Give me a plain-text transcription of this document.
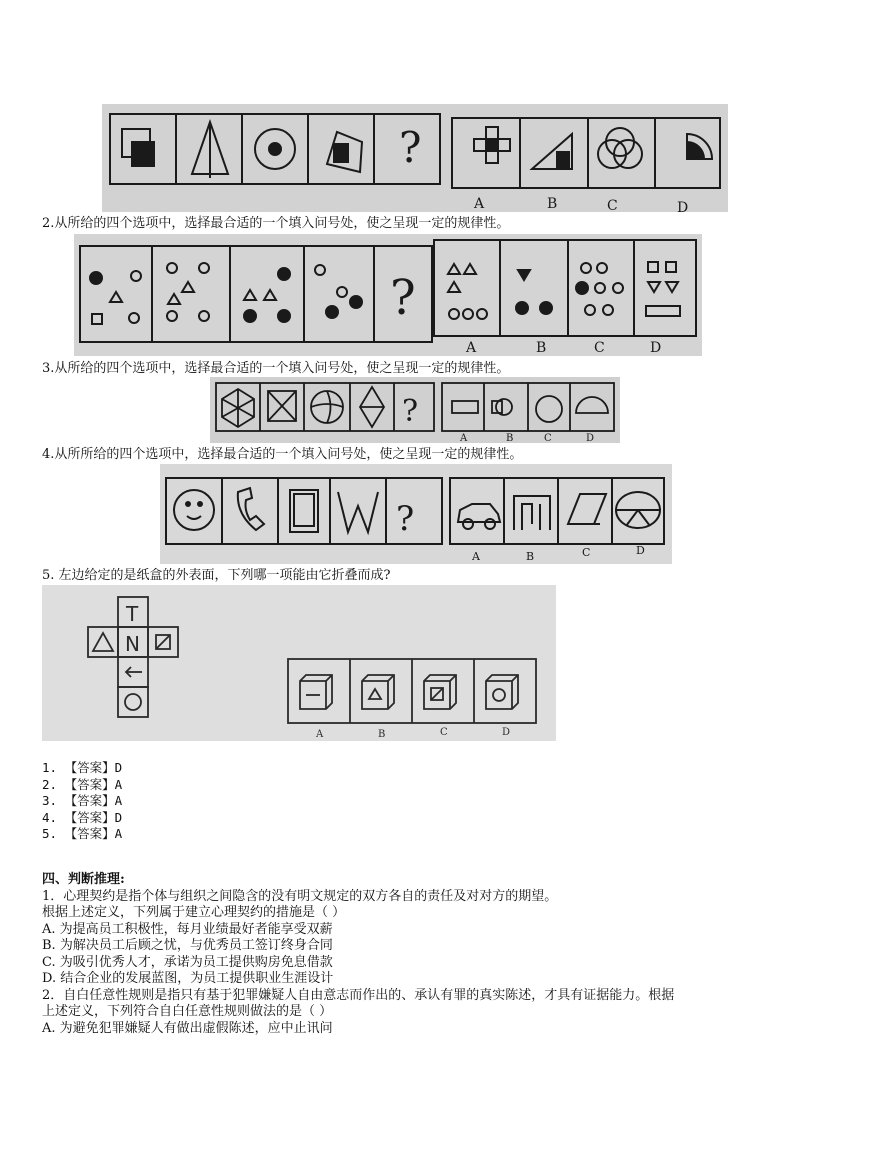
?
A	B	C	D
2.从所给的四个选项中，选择最合适的一个填入问号处，使之呈现一定的规律性。
?
A	B	C	D
3.从所给的四个选项中，选择最合适的一个填入问号处，使之呈现一定的规律性。
?
A	B	C	D
4.从所所给的四个选项中，选择最合适的一个填入问号处，使之呈现一定的规律性。
?
A	B	C	D
5. 左边给定的是纸盒的外表面，下列哪一项能由它折叠而成?
T
N
A	B	C	D
1. 【答案】D
2. 【答案】A
3. 【答案】A
4. 【答案】D
5. 【答案】A
四、判断推理:
1．心理契约是指个体与组织之间隐含的没有明文规定的双方各自的责任及对对方的期望。
根据上述定义，下列属于建立心理契约的措施是（ ）
A. 为提高员工积极性，每月业绩最好者能享受双薪
B. 为解决员工后顾之忧，与优秀员工签订终身合同
C. 为吸引优秀人才，承诺为员工提供购房免息借款
D. 结合企业的发展蓝图，为员工提供职业生涯设计
2．自白任意性规则是指只有基于犯罪嫌疑人自由意志而作出的、承认有罪的真实陈述，才具有证据能力。根据
上述定义，下列符合自白任意性规则做法的是（ ）
A. 为避免犯罪嫌疑人有做出虚假陈述，应中止讯问
